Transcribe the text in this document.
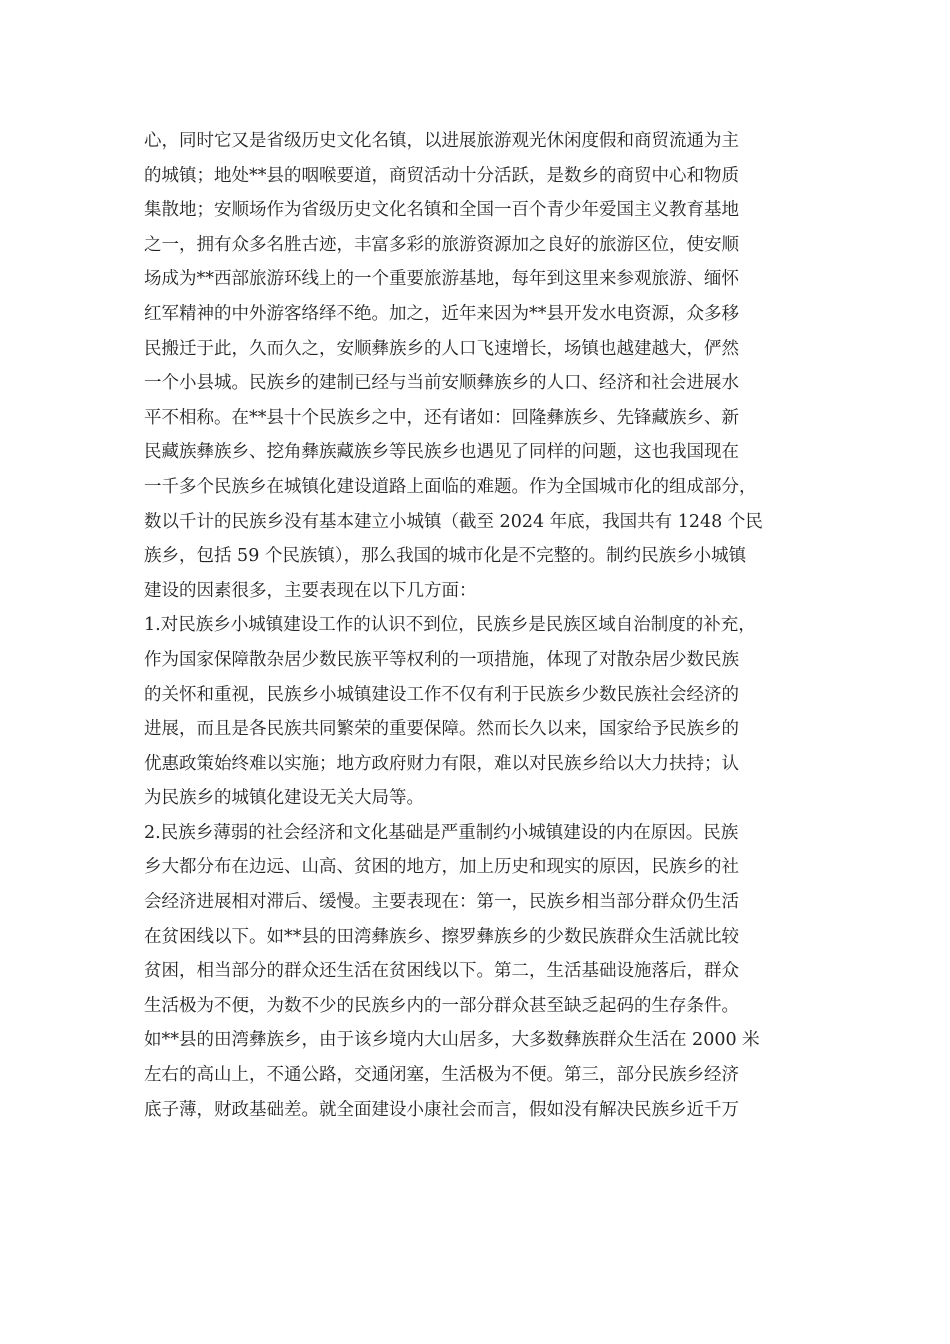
心，同时它又是省级历史文化名镇，以进展旅游观光休闲度假和商贸流通为主
的城镇；地处**县的咽喉要道，商贸活动十分活跃，是数乡的商贸中心和物质
集散地；安顺场作为省级历史文化名镇和全国一百个青少年爱国主义教育基地
之一，拥有众多名胜古迹，丰富多彩的旅游资源加之良好的旅游区位，使安顺
场成为**西部旅游环线上的一个重要旅游基地，每年到这里来参观旅游、缅怀
红军精神的中外游客络绎不绝。加之，近年来因为**县开发水电资源，众多移
民搬迁于此，久而久之，安顺彝族乡的人口飞速增长，场镇也越建越大，俨然
一个小县城。民族乡的建制已经与当前安顺彝族乡的人口、经济和社会进展水
平不相称。在**县十个民族乡之中，还有诸如：回隆彝族乡、先锋藏族乡、新
民藏族彝族乡、挖角彝族藏族乡等民族乡也遇见了同样的问题，这也我国现在
一千多个民族乡在城镇化建设道路上面临的难题。作为全国城市化的组成部分，
数以千计的民族乡没有基本建立小城镇（截至 2024 年底，我国共有 1248 个民
族乡，包括 59 个民族镇），那么我国的城市化是不完整的。制约民族乡小城镇
建设的因素很多，主要表现在以下几方面：
1.对民族乡小城镇建设工作的认识不到位，民族乡是民族区域自治制度的补充，
作为国家保障散杂居少数民族平等权利的一项措施，体现了对散杂居少数民族
的关怀和重视，民族乡小城镇建设工作不仅有利于民族乡少数民族社会经济的
进展，而且是各民族共同繁荣的重要保障。然而长久以来，国家给予民族乡的
优惠政策始终难以实施；地方政府财力有限，难以对民族乡给以大力扶持；认
为民族乡的城镇化建设无关大局等。
2.民族乡薄弱的社会经济和文化基础是严重制约小城镇建设的内在原因。民族
乡大都分布在边远、山高、贫困的地方，加上历史和现实的原因，民族乡的社
会经济进展相对滞后、缓慢。主要表现在：第一，民族乡相当部分群众仍生活
在贫困线以下。如**县的田湾彝族乡、擦罗彝族乡的少数民族群众生活就比较
贫困，相当部分的群众还生活在贫困线以下。第二，生活基础设施落后，群众
生活极为不便，为数不少的民族乡内的一部分群众甚至缺乏起码的生存条件。
如**县的田湾彝族乡，由于该乡境内大山居多，大多数彝族群众生活在 2000 米
左右的高山上，不通公路，交通闭塞，生活极为不便。第三，部分民族乡经济
底子薄，财政基础差。就全面建设小康社会而言，假如没有解决民族乡近千万
